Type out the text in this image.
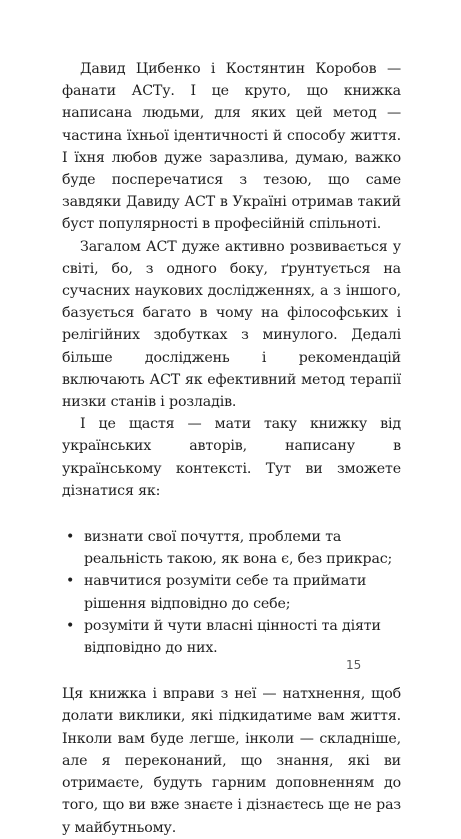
Давид Цибенко і Костянтин Коробов — фанати АСТу. І це круто, що книжка написана людьми, для яких цей метод — частина їхньої ідентичності й способу життя. І їхня любов дуже заразлива, думаю, важко буде посперечатися з тезою, що саме завдяки Давиду АСТ в Україні отримав такий буст популярності в професійній спільноті.

Загалом АСТ дуже активно розвивається у світі, бо, з одного боку, ґрунтується на сучасних наукових дослідженнях, а з іншого, базується багато в чому на філософських і релігійних здобутках з минулого. Дедалі більше досліджень і рекомендацій включають АСТ як ефективний метод терапії низки станів і розладів.

І це щастя — мати таку книжку від українських авторів, написану в українському контексті. Тут ви зможете дізнатися як:

• визнати свої почуття, проблеми та реальність такою, як вона є, без прикрас;
• навчитися розуміти себе та приймати рішення відповідно до себе;
• розуміти й чути власні цінності та діяти відповідно до них.

Ця книжка і вправи з неї — натхнення, щоб долати виклики, які підкидатиме вам життя. Інколи вам буде легше, інколи — складніше, але я переконаний, що знання, які ви отримаєте, будуть гарним доповненням до того, що ви вже знаєте і дізнаєтесь ще не раз у майбутньому.

15
